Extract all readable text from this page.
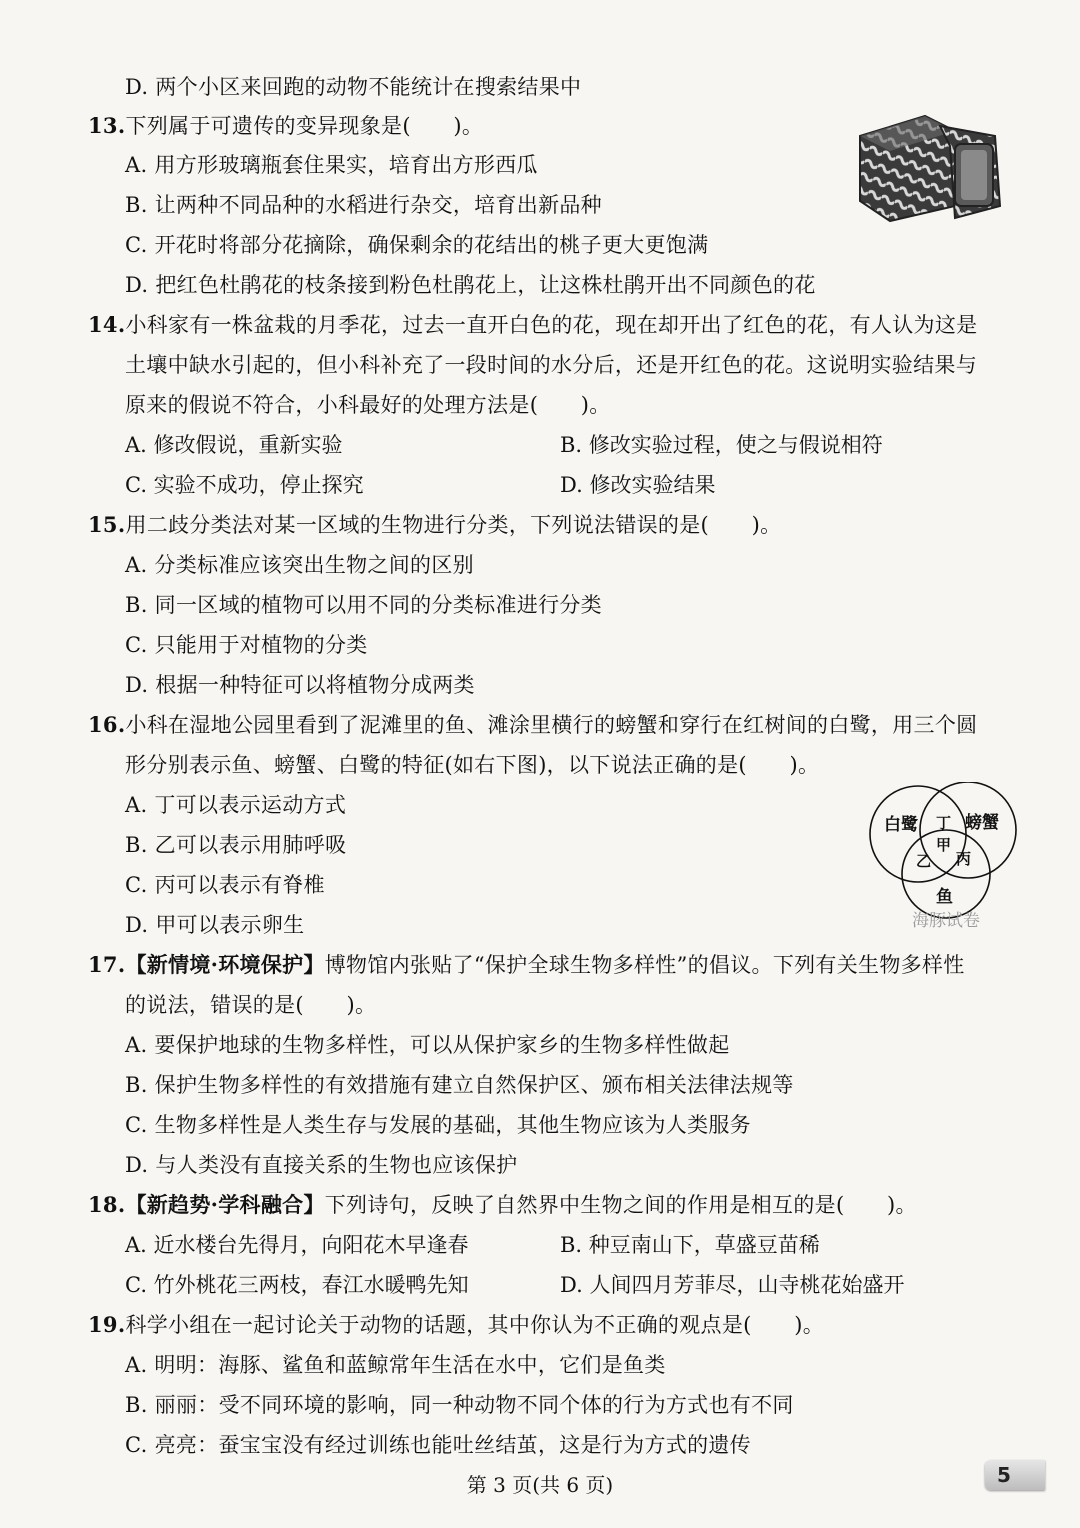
D. 两个小区来回跑的动物不能统计在搜索结果中
13.下列属于可遗传的变异现象是(　　)。
A. 用方形玻璃瓶套住果实，培育出方形西瓜
B. 让两种不同品种的水稻进行杂交，培育出新品种
C. 开花时将部分花摘除，确保剩余的花结出的桃子更大更饱满
D. 把红色杜鹃花的枝条接到粉色杜鹃花上，让这株杜鹃开出不同颜色的花
14.小科家有一株盆栽的月季花，过去一直开白色的花，现在却开出了红色的花，有人认为这是
土壤中缺水引起的，但小科补充了一段时间的水分后，还是开红色的花。这说明实验结果与
原来的假说不符合，小科最好的处理方法是(　　)。
A. 修改假说，重新实验	B. 修改实验过程，使之与假说相符
C. 实验不成功，停止探究	D. 修改实验结果
15.用二歧分类法对某一区域的生物进行分类，下列说法错误的是(　　)。
A. 分类标准应该突出生物之间的区别
B. 同一区域的植物可以用不同的分类标准进行分类
C. 只能用于对植物的分类
D. 根据一种特征可以将植物分成两类
16.小科在湿地公园里看到了泥滩里的鱼、滩涂里横行的螃蟹和穿行在红树间的白鹭，用三个圆
形分别表示鱼、螃蟹、白鹭的特征(如右下图)，以下说法正确的是(　　)。
A. 丁可以表示运动方式
B. 乙可以表示用肺呼吸
C. 丙可以表示有脊椎
D. 甲可以表示卵生
白鹭	螃蟹
鱼
丁
甲
乙 丙
海豚试卷
17.【新情境·环境保护】博物馆内张贴了“保护全球生物多样性”的倡议。下列有关生物多样性
的说法，错误的是(　　)。
A. 要保护地球的生物多样性，可以从保护家乡的生物多样性做起
B. 保护生物多样性的有效措施有建立自然保护区、颁布相关法律法规等
C. 生物多样性是人类生存与发展的基础，其他生物应该为人类服务
D. 与人类没有直接关系的生物也应该保护
18.【新趋势·学科融合】下列诗句，反映了自然界中生物之间的作用是相互的是(　　)。
A. 近水楼台先得月，向阳花木早逢春	B. 种豆南山下，草盛豆苗稀
C. 竹外桃花三两枝，春江水暖鸭先知	D. 人间四月芳菲尽，山寺桃花始盛开
19.科学小组在一起讨论关于动物的话题，其中你认为不正确的观点是(　　)。
A. 明明：海豚、鲨鱼和蓝鲸常年生活在水中，它们是鱼类
B. 丽丽：受不同环境的影响，同一种动物不同个体的行为方式也有不同
C. 亮亮：蚕宝宝没有经过训练也能吐丝结茧，这是行为方式的遗传
第 3 页(共 6 页)	5
